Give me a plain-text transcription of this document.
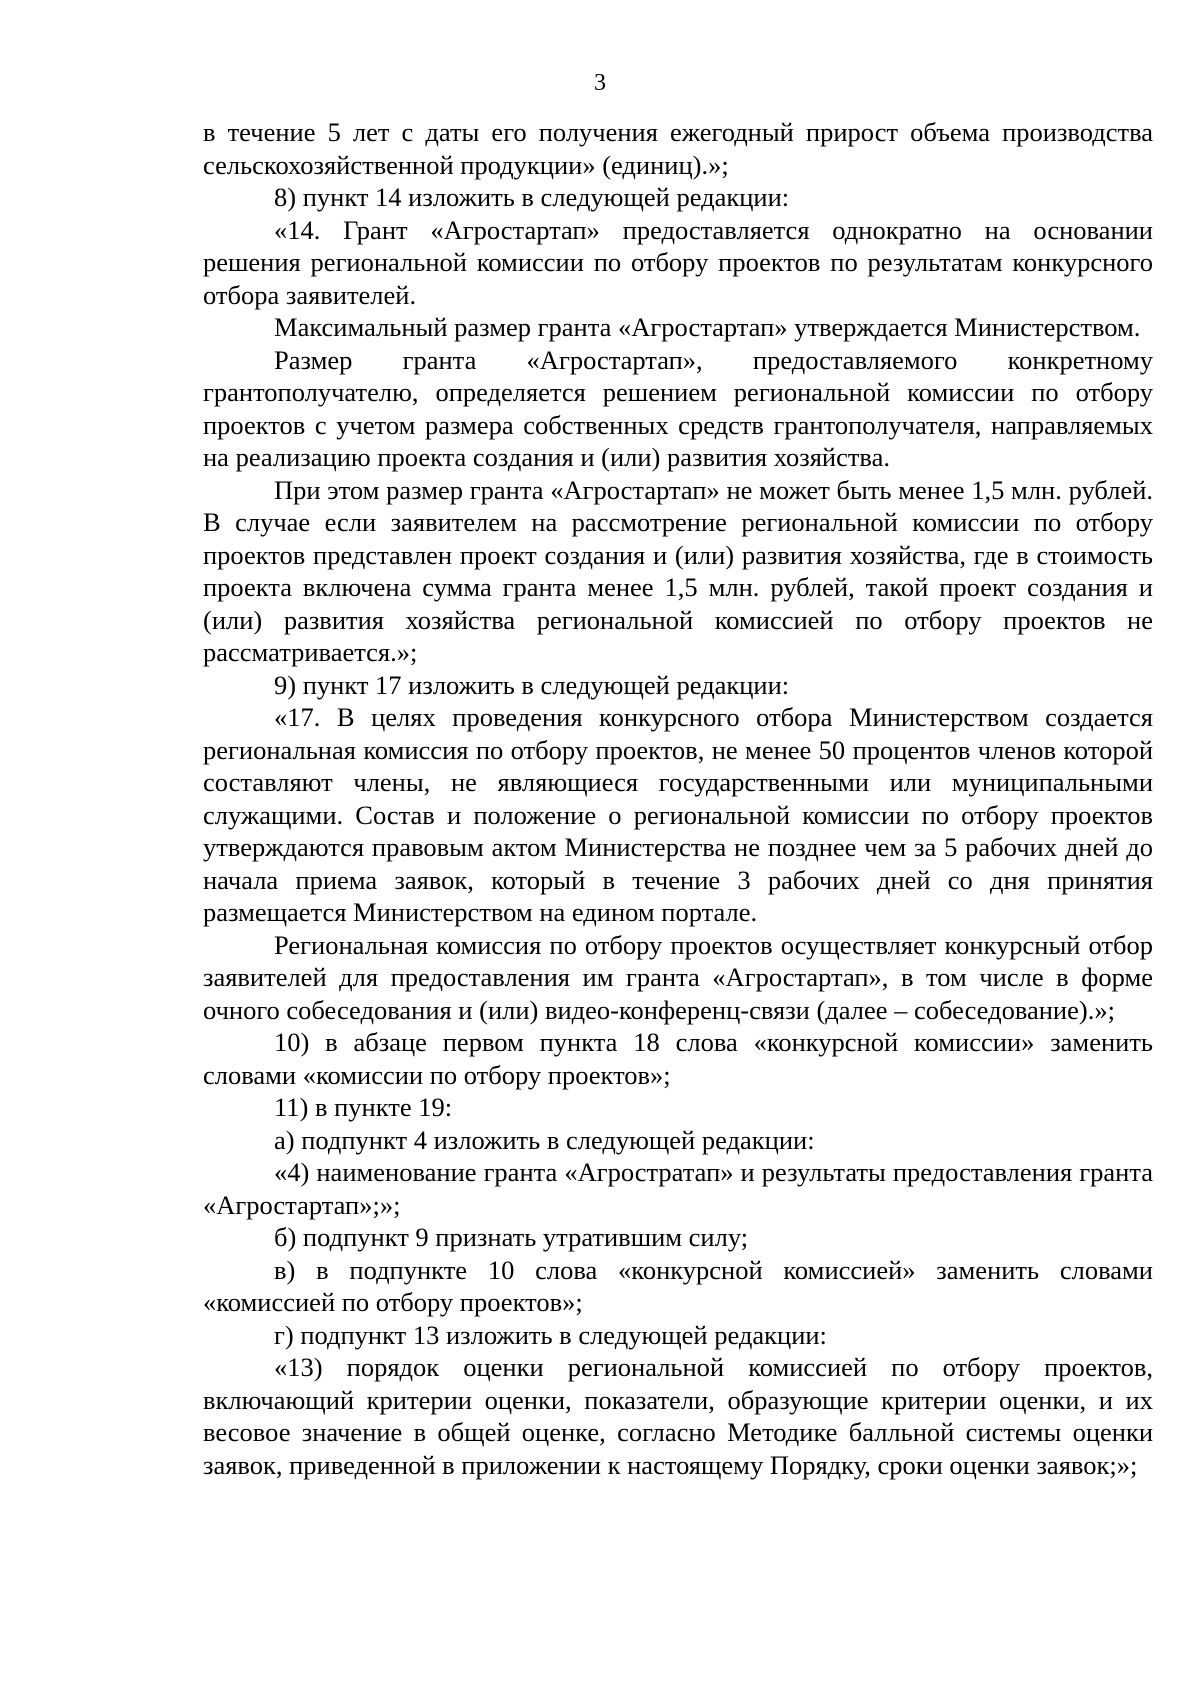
3

в течение 5 лет с даты его получения ежегодный прирост объема производства сельскохозяйственной продукции» (единиц).»;

8) пункт 14 изложить в следующей редакции:

«14. Грант «Агростартап» предоставляется однократно на основании решения региональной комиссии по отбору проектов по результатам конкурсного отбора заявителей.

Максимальный размер гранта «Агростартап» утверждается Министерством.

Размер гранта «Агростартап», предоставляемого конкретному грантополучателю, определяется решением региональной комиссии по отбору проектов с учетом размера собственных средств грантополучателя, направляемых на реализацию проекта создания и (или) развития хозяйства.

При этом размер гранта «Агростартап» не может быть менее 1,5 млн. рублей. В случае если заявителем на рассмотрение региональной комиссии по отбору проектов представлен проект создания и (или) развития хозяйства, где в стоимость проекта включена сумма гранта менее 1,5 млн. рублей, такой проект создания и (или) развития хозяйства региональной комиссией по отбору проектов не рассматривается.»;

9) пункт 17 изложить в следующей редакции:

«17. В целях проведения конкурсного отбора Министерством создается региональная комиссия по отбору проектов, не менее 50 процентов членов которой составляют члены, не являющиеся государственными или муниципальными служащими. Состав и положение о региональной комиссии по отбору проектов утверждаются правовым актом Министерства не позднее чем за 5 рабочих дней до начала приема заявок, который в течение 3 рабочих дней со дня принятия размещается Министерством на едином портале.

Региональная комиссия по отбору проектов осуществляет конкурсный отбор заявителей для предоставления им гранта «Агростартап», в том числе в форме очного собеседования и (или) видео-конференц-связи (далее – собеседование).»;

10) в абзаце первом пункта 18 слова «конкурсной комиссии» заменить словами «комиссии по отбору проектов»;

11) в пункте 19:

а) подпункт 4 изложить в следующей редакции:

«4) наименование гранта «Агростратап» и результаты предоставления гранта «Агростартап»;»;

б) подпункт 9 признать утратившим силу;

в) в подпункте 10 слова «конкурсной комиссией» заменить словами «комиссией по отбору проектов»;

г) подпункт 13 изложить в следующей редакции:

«13) порядок оценки региональной комиссией по отбору проектов, включающий критерии оценки, показатели, образующие критерии оценки, и их весовое значение в общей оценке, согласно Методике балльной системы оценки заявок, приведенной в приложении к настоящему Порядку, сроки оценки заявок;»;
